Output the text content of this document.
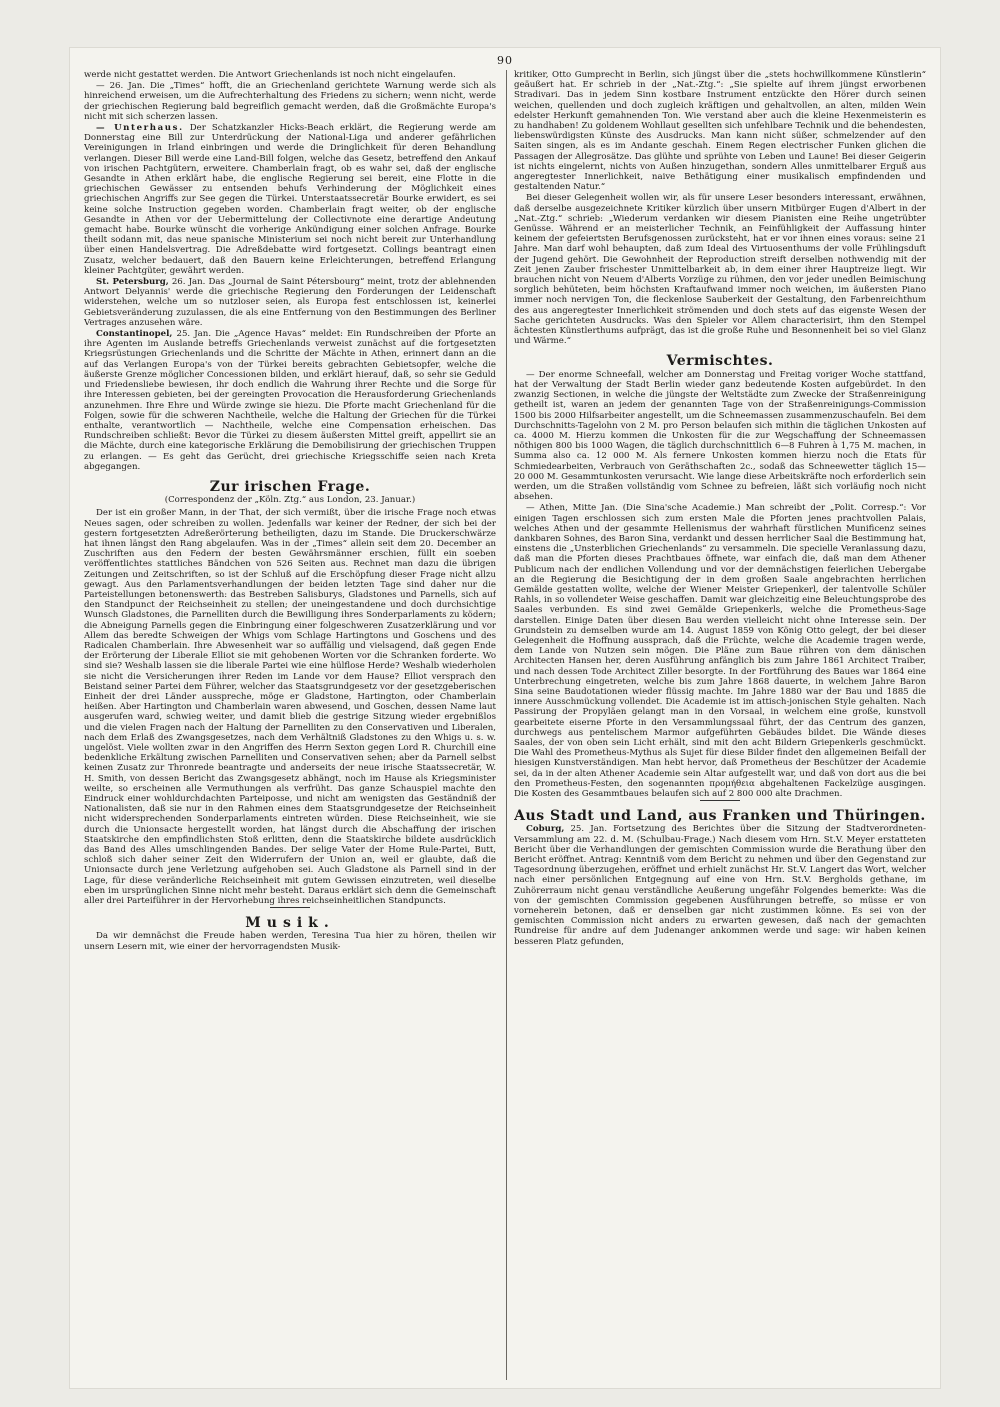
90

werde nicht gestattet werden. Die Antwort Griechenlands ist noch nicht eingelaufen.

— 26. Jan. Die „Times“ hofft, die an Griechenland gerichtete Warnung werde sich als hinreichend erweisen, um die Aufrechterhaltung des Friedens zu sichern; wenn nicht, werde der griechischen Regierung bald begreiflich gemacht werden, daß die Großmächte Europa's nicht mit sich scherzen lassen.

— Unterhaus. Der Schatzkanzler Hicks-Beach erklärt, die Regierung werde am Donnerstag eine Bill zur Unterdrückung der National-Liga und anderer gefährlichen Vereinigungen in Irland einbringen und werde die Dringlichkeit für deren Behandlung verlangen. Dieser Bill werde eine Land-Bill folgen, welche das Gesetz, betreffend den Ankauf von irischen Pachtgütern, erweitere. Chamberlain fragt, ob es wahr sei, daß der englische Gesandte in Athen erklärt habe, die englische Regierung sei bereit, eine Flotte in die griechischen Gewässer zu entsenden behufs Verhinderung der Möglichkeit eines griechischen Angriffs zur See gegen die Türkei. Unterstaatssecretär Bourke erwidert, es sei keine solche Instruction gegeben worden. Chamberlain fragt weiter, ob der englische Gesandte in Athen vor der Uebermittelung der Collectivnote eine derartige Andeutung gemacht habe. Bourke wünscht die vorherige Ankündigung einer solchen Anfrage. Bourke theilt sodann mit, das neue spanische Ministerium sei noch nicht bereit zur Unterhandlung über einen Handelsvertrag. Die Adreßdebatte wird fortgesetzt. Collings beantragt einen Zusatz, welcher bedauert, daß den Bauern keine Erleichterungen, betreffend Erlangung kleiner Pachtgüter, gewährt werden.

St. Petersburg, 26. Jan. Das „Journal de Saint Pétersbourg“ meint, trotz der ablehnenden Antwort Delyannis' werde die griechische Regierung den Forderungen der Leidenschaft widerstehen, welche um so nutzloser seien, als Europa fest entschlossen ist, keinerlei Gebietsveränderung zuzulassen, die als eine Entfernung von den Bestimmungen des Berliner Vertrages anzusehen wäre.

Constantinopel, 25. Jan. Die „Agence Havas“ meldet: Ein Rundschreiben der Pforte an ihre Agenten im Auslande betreffs Griechenlands verweist zunächst auf die fortgesetzten Kriegsrüstungen Griechenlands und die Schritte der Mächte in Athen, erinnert dann an die auf das Verlangen Europa's von der Türkei bereits gebrachten Gebietsopfer, welche die äußerste Grenze möglicher Concessionen bilden, und erklärt hierauf, daß, so sehr sie Geduld und Friedensliebe bewiesen, ihr doch endlich die Wahrung ihrer Rechte und die Sorge für ihre Interessen gebieten, bei der gereingten Provocation die Herausforderung Griechenlands anzunehmen. Ihre Ehre und Würde zwinge sie hiezu. Die Pforte macht Griechenland für die Folgen, sowie für die schweren Nachtheile, welche die Haltung der Griechen für die Türkei enthalte, verantwortlich — Nachtheile, welche eine Compensation erheischen. Das Rundschreiben schließt: Bevor die Türkei zu diesem äußersten Mittel greift, appellirt sie an die Mächte, durch eine kategorische Erklärung die Demobilisirung der griechischen Truppen zu erlangen. — Es geht das Gerücht, drei griechische Kriegsschiffe seien nach Kreta abgegangen.

Zur irischen Frage.
(Correspondenz der „Köln. Ztg.“ aus London, 23. Januar.)

Der ist ein großer Mann, in der That, der sich vermißt, über die irische Frage noch etwas Neues sagen, oder schreiben zu wollen. Jedenfalls war keiner der Redner, der sich bei der gestern fortgesetzten Adreßerörterung betheiligten, dazu im Stande. Die Druckerschwärze hat ihnen längst den Rang abgelaufen. Was in der „Times“ allein seit dem 20. December an Zuschriften aus den Federn der besten Gewährsmänner erschien, füllt ein soeben veröffentlichtes stattliches Bändchen von 526 Seiten aus. Rechnet man dazu die übrigen Zeitungen und Zeitschriften, so ist der Schluß auf die Erschöpfung dieser Frage nicht allzu gewagt. Aus den Parlamentsverhandlungen der beiden letzten Tage sind daher nur die Parteistellungen betonenswerth: das Bestreben Salisburys, Gladstones und Parnells, sich auf den Standpunct der Reichseinheit zu stellen; der uneingestandene und doch durchsichtige Wunsch Gladstones, die Parnelliten durch die Bewilligung ihres Sonderparlaments zu ködern; die Abneigung Parnells gegen die Einbringung einer folgeschweren Zusatzerklärung und vor Allem das beredte Schweigen der Whigs vom Schlage Hartingtons und Goschens und des Radicalen Chamberlain. Ihre Abwesenheit war so auffällig und vielsagend, daß gegen Ende der Erörterung der Liberale Elliot sie mit gehobenen Worten vor die Schranken forderte. Wo sind sie? Weshalb lassen sie die liberale Partei wie eine hülflose Herde? Weshalb wiederholen sie nicht die Versicherungen ihrer Reden im Lande vor dem Hause? Elliot versprach den Beistand seiner Partei dem Führer, welcher das Staatsgrundgesetz vor der gesetzgeberischen Einheit der drei Länder ausspreche, möge er Gladstone, Hartington, oder Chamberlain heißen. Aber Hartington und Chamberlain waren abwesend, und Goschen, dessen Name laut ausgerufen ward, schwieg weiter, und damit blieb die gestrige Sitzung wieder ergebnißlos und die vielen Fragen nach der Haltung der Parnelliten zu den Conservativen und Liberalen, nach dem Erlaß des Zwangsgesetzes, nach dem Verhältniß Gladstones zu den Whigs u. s. w. ungelöst. Viele wollten zwar in den Angriffen des Herrn Sexton gegen Lord R. Churchill eine bedenkliche Erkältung zwischen Parnelliten und Conservativen sehen; aber da Parnell selbst keinen Zusatz zur Thronrede beantragte und anderseits der neue irische Staatssecretär, W. H. Smith, von dessen Bericht das Zwangsgesetz abhängt, noch im Hause als Kriegsminister weilte, so erscheinen alle Vermuthungen als verfrüht. Das ganze Schauspiel machte den Eindruck einer wohldurchdachten Parteiposse, und nicht am wenigsten das Geständniß der Nationalisten, daß sie nur in den Rahmen eines dem Staatsgrundgesetze der Reichseinheit nicht widersprechenden Sonderparlaments eintreten würden. Diese Reichseinheit, wie sie durch die Unionsacte hergestellt worden, hat längst durch die Abschaffung der irischen Staatskirche den empfindlichsten Stoß erlitten, denn die Staatskirche bildete ausdrücklich das Band des Alles umschlingenden Bandes. Der selige Vater der Home Rule-Partei, Butt, schloß sich daher seiner Zeit den Widerrufern der Union an, weil er glaubte, daß die Unionsacte durch jene Verletzung aufgehoben sei. Auch Gladstone als Parnell sind in der Lage, für diese veränderliche Reichseinheit mit gutem Gewissen einzutreten, weil dieselbe eben im ursprünglichen Sinne nicht mehr besteht. Daraus erklärt sich denn die Gemeinschaft aller drei Parteiführer in der Hervorhebung ihres reichseinheitlichen Standpuncts.

Musik.

Da wir demnächst die Freude haben werden, Teresina Tua hier zu hören, theilen wir unsern Lesern mit, wie einer der hervorragendsten Musik-

kritiker, Otto Gumprecht in Berlin, sich jüngst über die „stets hochwillkommene Künstlerin“ geäußert hat. Er schrieb in der „Nat.-Ztg.“: „Sie spielte auf ihrem jüngst erworbenen Stradivari. Das in jedem Sinn kostbare Instrument entzückte den Hörer durch seinen weichen, quellenden und doch zugleich kräftigen und gehaltvollen, an alten, milden Wein edelster Herkunft gemahnenden Ton. Wie verstand aber auch die kleine Hexenmeisterin es zu handhaben! Zu goldenem Wohllaut gesellten sich unfehlbare Technik und die behendesten, liebenswürdigsten Künste des Ausdrucks. Man kann nicht süßer, schmelzender auf den Saiten singen, als es im Andante geschah. Einem Regen electrischer Funken glichen die Passagen der Allegrosätze. Das glühte und sprühte von Leben und Laune! Bei dieser Geigerin ist nichts eingelernt, nichts von Außen hinzugethan, sondern Alles unmittelbarer Erguß aus angeregtester Innerlichkeit, naive Bethätigung einer musikalisch empfindenden und gestaltenden Natur.“

Bei dieser Gelegenheit wollen wir, als für unsere Leser besonders interessant, erwähnen, daß derselbe ausgezeichnete Kritiker kürzlich über unsern Mitbürger Eugen d'Albert in der „Nat.-Ztg.“ schrieb: „Wiederum verdanken wir diesem Pianisten eine Reihe ungetrübter Genüsse. Während er an meisterlicher Technik, an Feinfühligkeit der Auffassung hinter keinem der gefeiertsten Berufsgenossen zurücksteht, hat er vor ihnen eines voraus: seine 21 Jahre. Man darf wohl behaupten, daß zum Ideal des Virtuosenthums der volle Frühlingsduft der Jugend gehört. Die Gewohnheit der Reproduction streift derselben nothwendig mit der Zeit jenen Zauber frischester Unmittelbarkeit ab, in dem einer ihrer Hauptreize liegt. Wir brauchen nicht von Neuem d'Alberts Vorzüge zu rühmen, den vor jeder unedlen Beimischung sorglich behüteten, beim höchsten Kraftaufwand immer noch weichen, im äußersten Piano immer noch nervigen Ton, die fleckenlose Sauberkeit der Gestaltung, den Farbenreichthum des aus angeregtester Innerlichkeit strömenden und doch stets auf das eigenste Wesen der Sache gerichteten Ausdrucks. Was den Spieler vor Allem characterisirt, ihm den Stempel ächtesten Künstlerthums aufprägt, das ist die große Ruhe und Besonnenheit bei so viel Glanz und Wärme.“

Vermischtes.

— Der enorme Schneefall, welcher am Donnerstag und Freitag voriger Woche stattfand, hat der Verwaltung der Stadt Berlin wieder ganz bedeutende Kosten aufgebürdet. In den zwanzig Sectionen, in welche die jüngste der Weltstädte zum Zwecke der Straßenreinigung getheilt ist, waren an jedem der genannten Tage von der Straßenreinigungs-Commission 1500 bis 2000 Hilfsarbeiter angestellt, um die Schneemassen zusammenzuschaufeln. Bei dem Durchschnitts-Tagelohn von 2 M. pro Person belaufen sich mithin die täglichen Unkosten auf ca. 4000 M. Hierzu kommen die Unkosten für die zur Wegschaffung der Schneemassen nöthigen 800 bis 1000 Wagen, die täglich durchschnittlich 6—8 Fuhren à 1,75 M. machen, in Summa also ca. 12 000 M. Als fernere Unkosten kommen hierzu noch die Etats für Schmiedearbeiten, Verbrauch von Geräthschaften 2c., sodaß das Schneewetter täglich 15—20 000 M. Gesammtunkosten verursacht. Wie lange diese Arbeitskräfte noch erforderlich sein werden, um die Straßen vollständig vom Schnee zu befreien, läßt sich vorläufig noch nicht absehen.

— Athen, Mitte Jan. (Die Sina'sche Academie.) Man schreibt der „Polit. Corresp.“: Vor einigen Tagen erschlossen sich zum ersten Male die Pforten jenes prachtvollen Palais, welches Athen und der gesammte Hellenismus der wahrhaft fürstlichen Munificenz seines dankbaren Sohnes, des Baron Sina, verdankt und dessen herrlicher Saal die Bestimmung hat, einstens die „Unsterblichen Griechenlands“ zu versammeln. Die specielle Veranlassung dazu, daß man die Pforten dieses Prachtbaues öffnete, war einfach die, daß man dem Athener Publicum nach der endlichen Vollendung und vor der demnächstigen feierlichen Uebergabe an die Regierung die Besichtigung der in dem großen Saale angebrachten herrlichen Gemälde gestatten wollte, welche der Wiener Meister Griepenkerl, der talentvolle Schüler Rahls, in so vollendeter Weise geschaffen. Damit war gleichzeitig eine Beleuchtungsprobe des Saales verbunden. Es sind zwei Gemälde Griepenkerls, welche die Prometheus-Sage darstellen. Einige Daten über diesen Bau werden vielleicht nicht ohne Interesse sein. Der Grundstein zu demselben wurde am 14. August 1859 von König Otto gelegt, der bei dieser Gelegenheit die Hoffnung aussprach, daß die Früchte, welche die Academie tragen werde, dem Lande von Nutzen sein mögen. Die Pläne zum Baue rühren von dem dänischen Architecten Hansen her, deren Ausführung anfänglich bis zum Jahre 1861 Architect Traiber, und nach dessen Tode Architect Ziller besorgte. In der Fortführung des Baues war 1864 eine Unterbrechung eingetreten, welche bis zum Jahre 1868 dauerte, in welchem Jahre Baron Sina seine Baudotationen wieder flüssig machte. Im Jahre 1880 war der Bau und 1885 die innere Ausschmückung vollendet. Die Academie ist im attisch-jonischen Style gehalten. Nach Passirung der Propyläen gelangt man in den Vorsaal, in welchem eine große, kunstvoll gearbeitete eiserne Pforte in den Versammlungssaal führt, der das Centrum des ganzen, durchwegs aus pentelischem Marmor aufgeführten Gebäudes bildet. Die Wände dieses Saales, der von oben sein Licht erhält, sind mit den acht Bildern Griepenkerls geschmückt. Die Wahl des Prometheus-Mythus als Sujet für diese Bilder findet den allgemeinen Beifall der hiesigen Kunstverständigen. Man hebt hervor, daß Prometheus der Beschützer der Academie sei, da in der alten Athener Academie sein Altar aufgestellt war, und daß von dort aus die bei den Prometheus-Festen, den sogenannten προμήθεια abgehaltenen Fackelzüge ausgingen. Die Kosten des Gesammtbaues belaufen sich auf 2 800 000 alte Drachmen.

Aus Stadt und Land, aus Franken und Thüringen.

Coburg, 25. Jan. Fortsetzung des Berichtes über die Sitzung der Stadtverordneten-Versammlung am 22. d. M. (Schulbau-Frage.) Nach diesem vom Hrn. St.V. Meyer erstatteten Bericht über die Verhandlungen der gemischten Commission wurde die Berathung über den Bericht eröffnet. Antrag: Kenntniß vom dem Bericht zu nehmen und über den Gegenstand zur Tagesordnung überzugehen, eröffnet und erhielt zunächst Hr. St.V. Langert das Wort, welcher nach einer persönlichen Entgegnung auf eine von Hrn. St.V. Bergholds gethane, im Zuhörerraum nicht genau verständliche Aeußerung ungefähr Folgendes bemerkte: Was die von der gemischten Commission gegebenen Ausführungen betreffe, so müsse er von vorneherein betonen, daß er denselben gar nicht zustimmen könne. Es sei von der gemischten Commission nicht anders zu erwarten gewesen, daß nach der gemachten Rundreise für andre auf dem Judenanger ankommen werde und sage: wir haben keinen besseren Platz gefunden,
